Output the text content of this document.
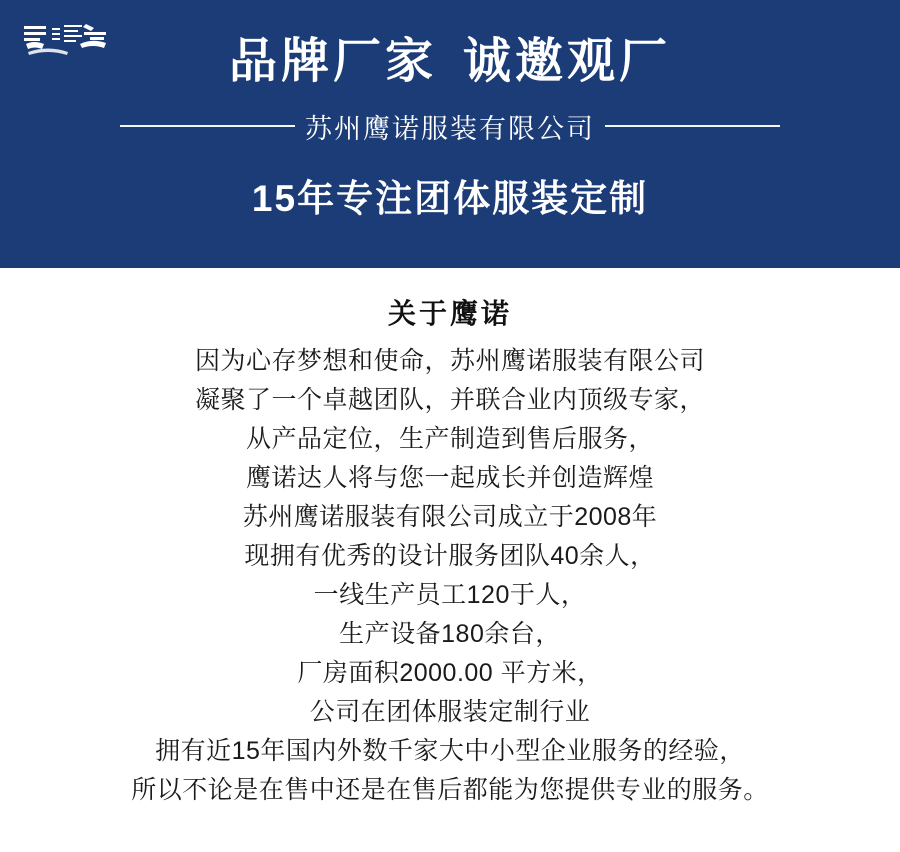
品牌厂家 诚邀观厂
苏州鹰诺服装有限公司
15年专注团体服装定制
关于鹰诺

因为心存梦想和使命，苏州鹰诺服装有限公司

凝聚了一个卓越团队，并联合业内顶级专家，

从产品定位，生产制造到售后服务，

鹰诺达人将与您一起成长并创造辉煌

苏州鹰诺服装有限公司成立于2008年

现拥有优秀的设计服务团队40余人，

一线生产员工120于人，

生产设备180余台，

厂房面积2000.00 平方米，

公司在团体服装定制行业

拥有近15年国内外数千家大中小型企业服务的经验，

所以不论是在售中还是在售后都能为您提供专业的服务。
